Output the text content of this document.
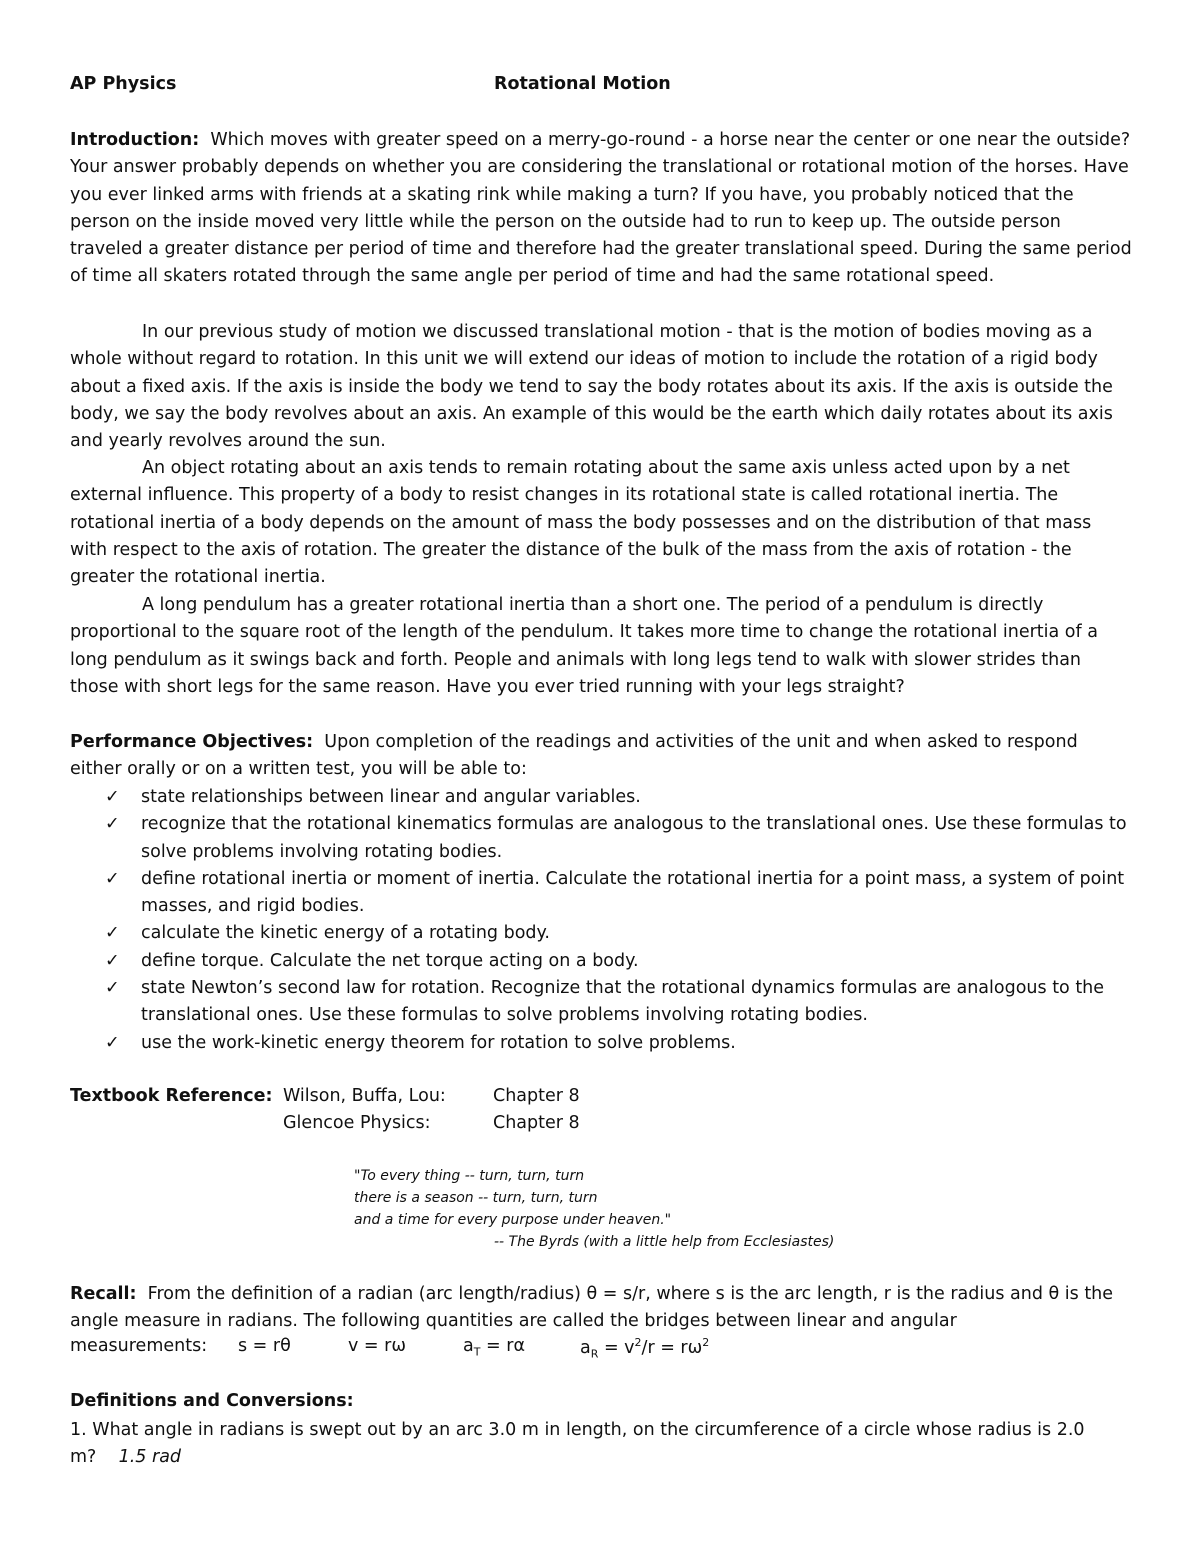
AP Physics	Rotational Motion

Introduction: Which moves with greater speed on a merry-go-round - a horse near the center or one near the outside? Your answer probably depends on whether you are considering the translational or rotational motion of the horses. Have you ever linked arms with friends at a skating rink while making a turn? If you have, you probably noticed that the person on the inside moved very little while the person on the outside had to run to keep up. The outside person traveled a greater distance per period of time and therefore had the greater translational speed. During the same period of time all skaters rotated through the same angle per period of time and had the same rotational speed.

In our previous study of motion we discussed translational motion - that is the motion of bodies moving as a whole without regard to rotation. In this unit we will extend our ideas of motion to include the rotation of a rigid body about a fixed axis. If the axis is inside the body we tend to say the body rotates about its axis. If the axis is outside the body, we say the body revolves about an axis. An example of this would be the earth which daily rotates about its axis and yearly revolves around the sun.

An object rotating about an axis tends to remain rotating about the same axis unless acted upon by a net external influence. This property of a body to resist changes in its rotational state is called rotational inertia. The rotational inertia of a body depends on the amount of mass the body possesses and on the distribution of that mass with respect to the axis of rotation. The greater the distance of the bulk of the mass from the axis of rotation - the greater the rotational inertia.

A long pendulum has a greater rotational inertia than a short one. The period of a pendulum is directly proportional to the square root of the length of the pendulum. It takes more time to change the rotational inertia of a long pendulum as it swings back and forth. People and animals with long legs tend to walk with slower strides than those with short legs for the same reason. Have you ever tried running with your legs straight?

Performance Objectives: Upon completion of the readings and activities of the unit and when asked to respond either orally or on a written test, you will be able to:

✓ state relationships between linear and angular variables.
✓ recognize that the rotational kinematics formulas are analogous to the translational ones. Use these formulas to solve problems involving rotating bodies.
✓ define rotational inertia or moment of inertia. Calculate the rotational inertia for a point mass, a system of point masses, and rigid bodies.
✓ calculate the kinetic energy of a rotating body.
✓ define torque. Calculate the net torque acting on a body.
✓ state Newton’s second law for rotation. Recognize that the rotational dynamics formulas are analogous to the translational ones. Use these formulas to solve problems involving rotating bodies.
✓ use the work-kinetic energy theorem for rotation to solve problems.
Textbook Reference: Wilson, Buffa, Lou:	Chapter 8
Glencoe Physics:	Chapter 8
"To every thing -- turn, turn, turn
there is a season -- turn, turn, turn
and a time for every purpose under heaven."
-- The Byrds (with a little help from Ecclesiastes)

Recall: From the definition of a radian (arc length/radius) θ = s/r, where s is the arc length, r is the radius and θ is the angle measure in radians. The following quantities are called the bridges between linear and angular

measurements: s = rθ	v = rω	$a_T = r\alpha$	$a_R = v^2/r = r\omega^2$
Definitions and Conversions:

1. What angle in radians is swept out by an arc 3.0 m in length, on the circumference of a circle whose radius is 2.0 m? 1.5 rad
